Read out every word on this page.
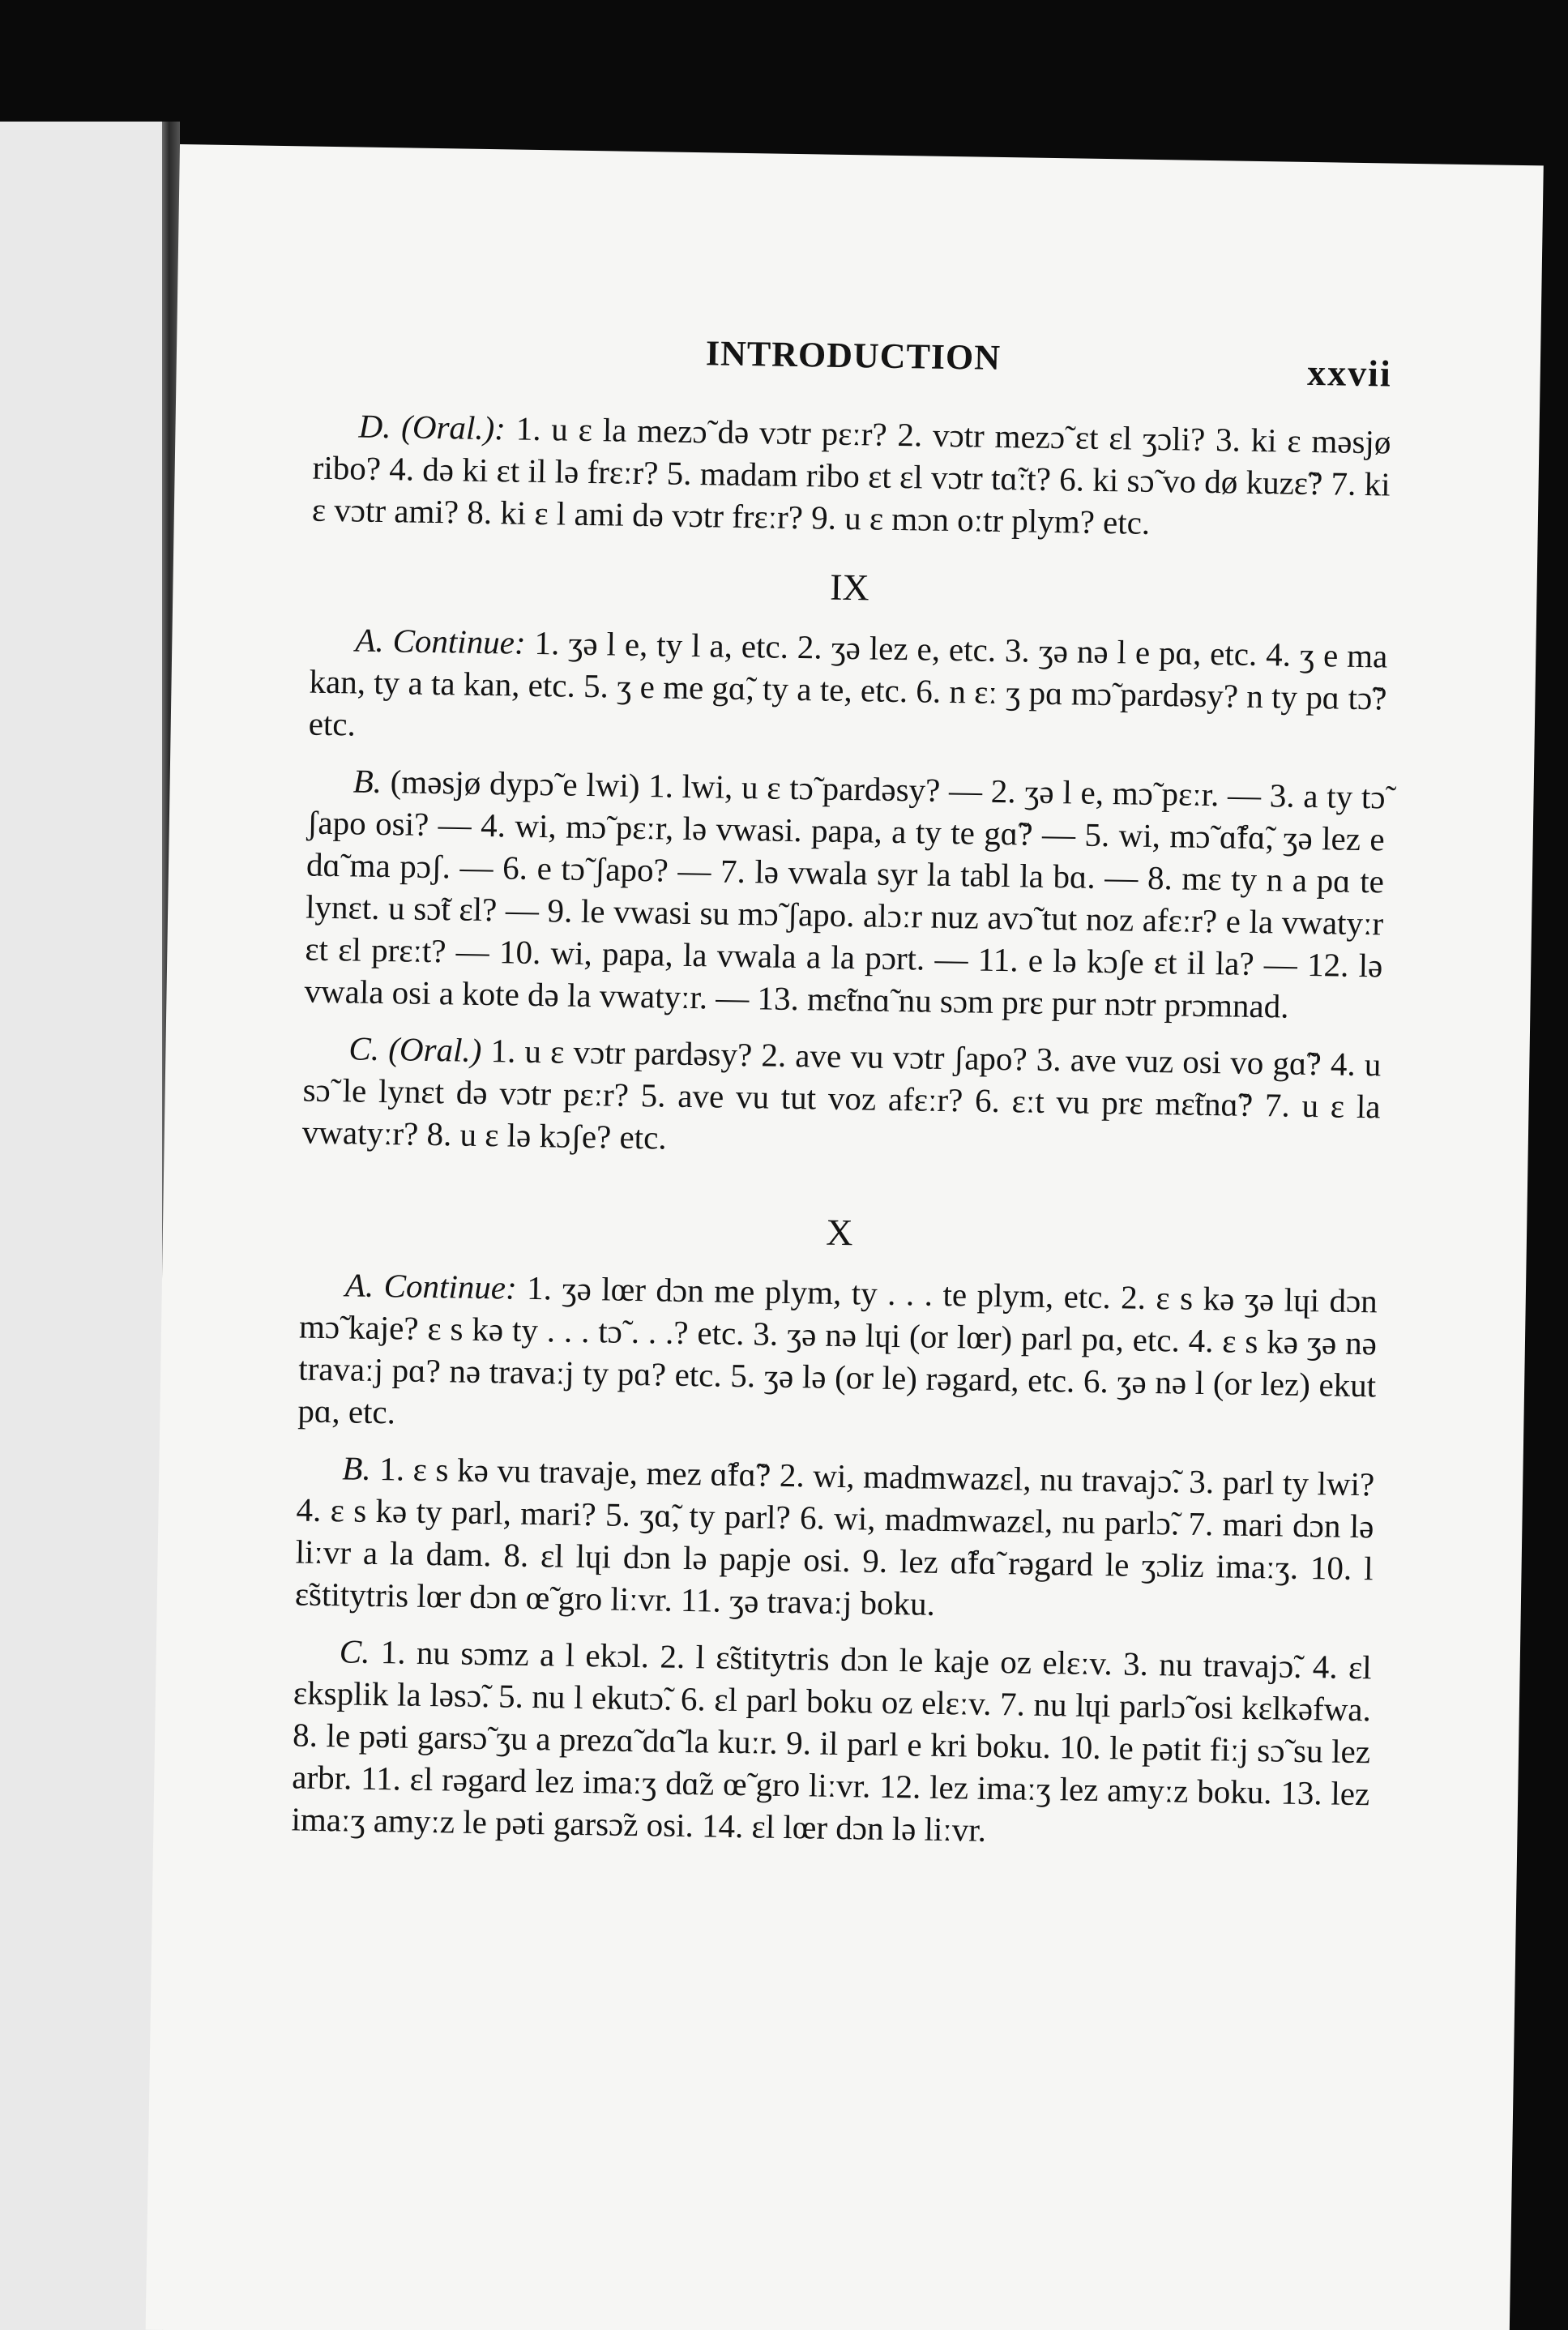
INTRODUCTION	xxvii

D. (Oral.): 1. u ɛ la mezɔ̃ də vɔtr pɛːr? 2. vɔtr mezɔ̃ ɛt ɛl ʒɔli? 3. ki ɛ məsjø ribo? 4. də ki ɛt il lə frɛːr? 5. madam ribo ɛt ɛl vɔtr tɑ̃ːt? 6. ki sɔ̃ vo dø kuzɛ̃? 7. ki ɛ vɔtr ami? 8. ki ɛ l ami də vɔtr frɛːr? 9. u ɛ mɔn oːtr plym? etc.

IX

A. Continue: 1. ʒə l e, ty l a, etc. 2. ʒə lez e, etc. 3. ʒə nə l e pɑ, etc. 4. ʒ e ma kan, ty a ta kan, etc. 5. ʒ e me gɑ̃, ty a te, etc. 6. n ɛː ʒ pɑ mɔ̃ pardəsy? n ty pɑ tɔ̃? etc.

B. (məsjø dypɔ̃ e lwi) 1. lwi, u ɛ tɔ̃ pardəsy? — 2. ʒə l e, mɔ̃ pɛːr. — 3. a ty tɔ̃ ʃapo osi? — 4. wi, mɔ̃ pɛːr, lə vwasi. papa, a ty te gɑ̃? — 5. wi, mɔ̃ ɑ̃fɑ̃, ʒə lez e dɑ̃ ma pɔʃ. — 6. e tɔ̃ ʃapo? — 7. lə vwala syr la tabl la bɑ. — 8. mɛ ty n a pɑ te lynɛt. u sɔ̃t ɛl? — 9. le vwasi su mɔ̃ ʃapo. alɔːr nuz avɔ̃ tut noz afɛːr? e la vwatyːr ɛt ɛl prɛːt? — 10. wi, papa, la vwala a la pɔrt. — 11. e lə kɔʃe ɛt il la? — 12. lə vwala osi a kote də la vwatyːr. — 13. mɛ̃tnɑ̃ nu sɔm prɛ pur nɔtr prɔmnad.

C. (Oral.) 1. u ɛ vɔtr pardəsy? 2. ave vu vɔtr ʃapo? 3. ave vuz osi vo gɑ̃? 4. u sɔ̃ le lynɛt də vɔtr pɛːr? 5. ave vu tut voz afɛːr? 6. ɛːt vu prɛ mɛ̃tnɑ̃? 7. u ɛ la vwatyːr? 8. u ɛ lə kɔʃe? etc.

X

A. Continue: 1. ʒə lœr dɔn me plym, ty . . . te plym, etc. 2. ɛ s kə ʒə lɥi dɔn mɔ̃ kaje? ɛ s kə ty . . . tɔ̃ . . .? etc. 3. ʒə nə lɥi (or lœr) parl pɑ, etc. 4. ɛ s kə ʒə nə travaːj pɑ? nə travaːj ty pɑ? etc. 5. ʒə lə (or le) rəgard, etc. 6. ʒə nə l (or lez) ekut pɑ, etc.

B. 1. ɛ s kə vu travaje, mez ɑ̃fɑ̃? 2. wi, madmwazɛl, nu travajɔ̃. 3. parl ty lwi? 4. ɛ s kə ty parl, mari? 5. ʒɑ̃, ty parl? 6. wi, madmwazɛl, nu parlɔ̃. 7. mari dɔn lə liːvr a la dam. 8. ɛl lɥi dɔn lə papje osi. 9. lez ɑ̃fɑ̃ rəgard le ʒɔliz imaːʒ. 10. l ɛ̃stitytris lœr dɔn œ̃ gro liːvr. 11. ʒə travaːj boku.

C. 1. nu sɔmz a l ekɔl. 2. l ɛ̃stitytris dɔn le kaje oz elɛːv. 3. nu travajɔ̃. 4. ɛl ɛksplik la ləsɔ̃. 5. nu l ekutɔ̃. 6. ɛl parl boku oz elɛːv. 7. nu lɥi parlɔ̃ osi kɛlkəfwa. 8. le pəti garsɔ̃ ʒu a prezɑ̃ dɑ̃ la kuːr. 9. il parl e kri boku. 10. le pətit fiːj sɔ̃ su lez arbr. 11. ɛl rəgard lez imaːʒ dɑ̃z œ̃ gro liːvr. 12. lez imaːʒ lez amyːz boku. 13. lez imaːʒ amyːz le pəti garsɔ̃z osi. 14. ɛl lœr dɔn lə liːvr.
